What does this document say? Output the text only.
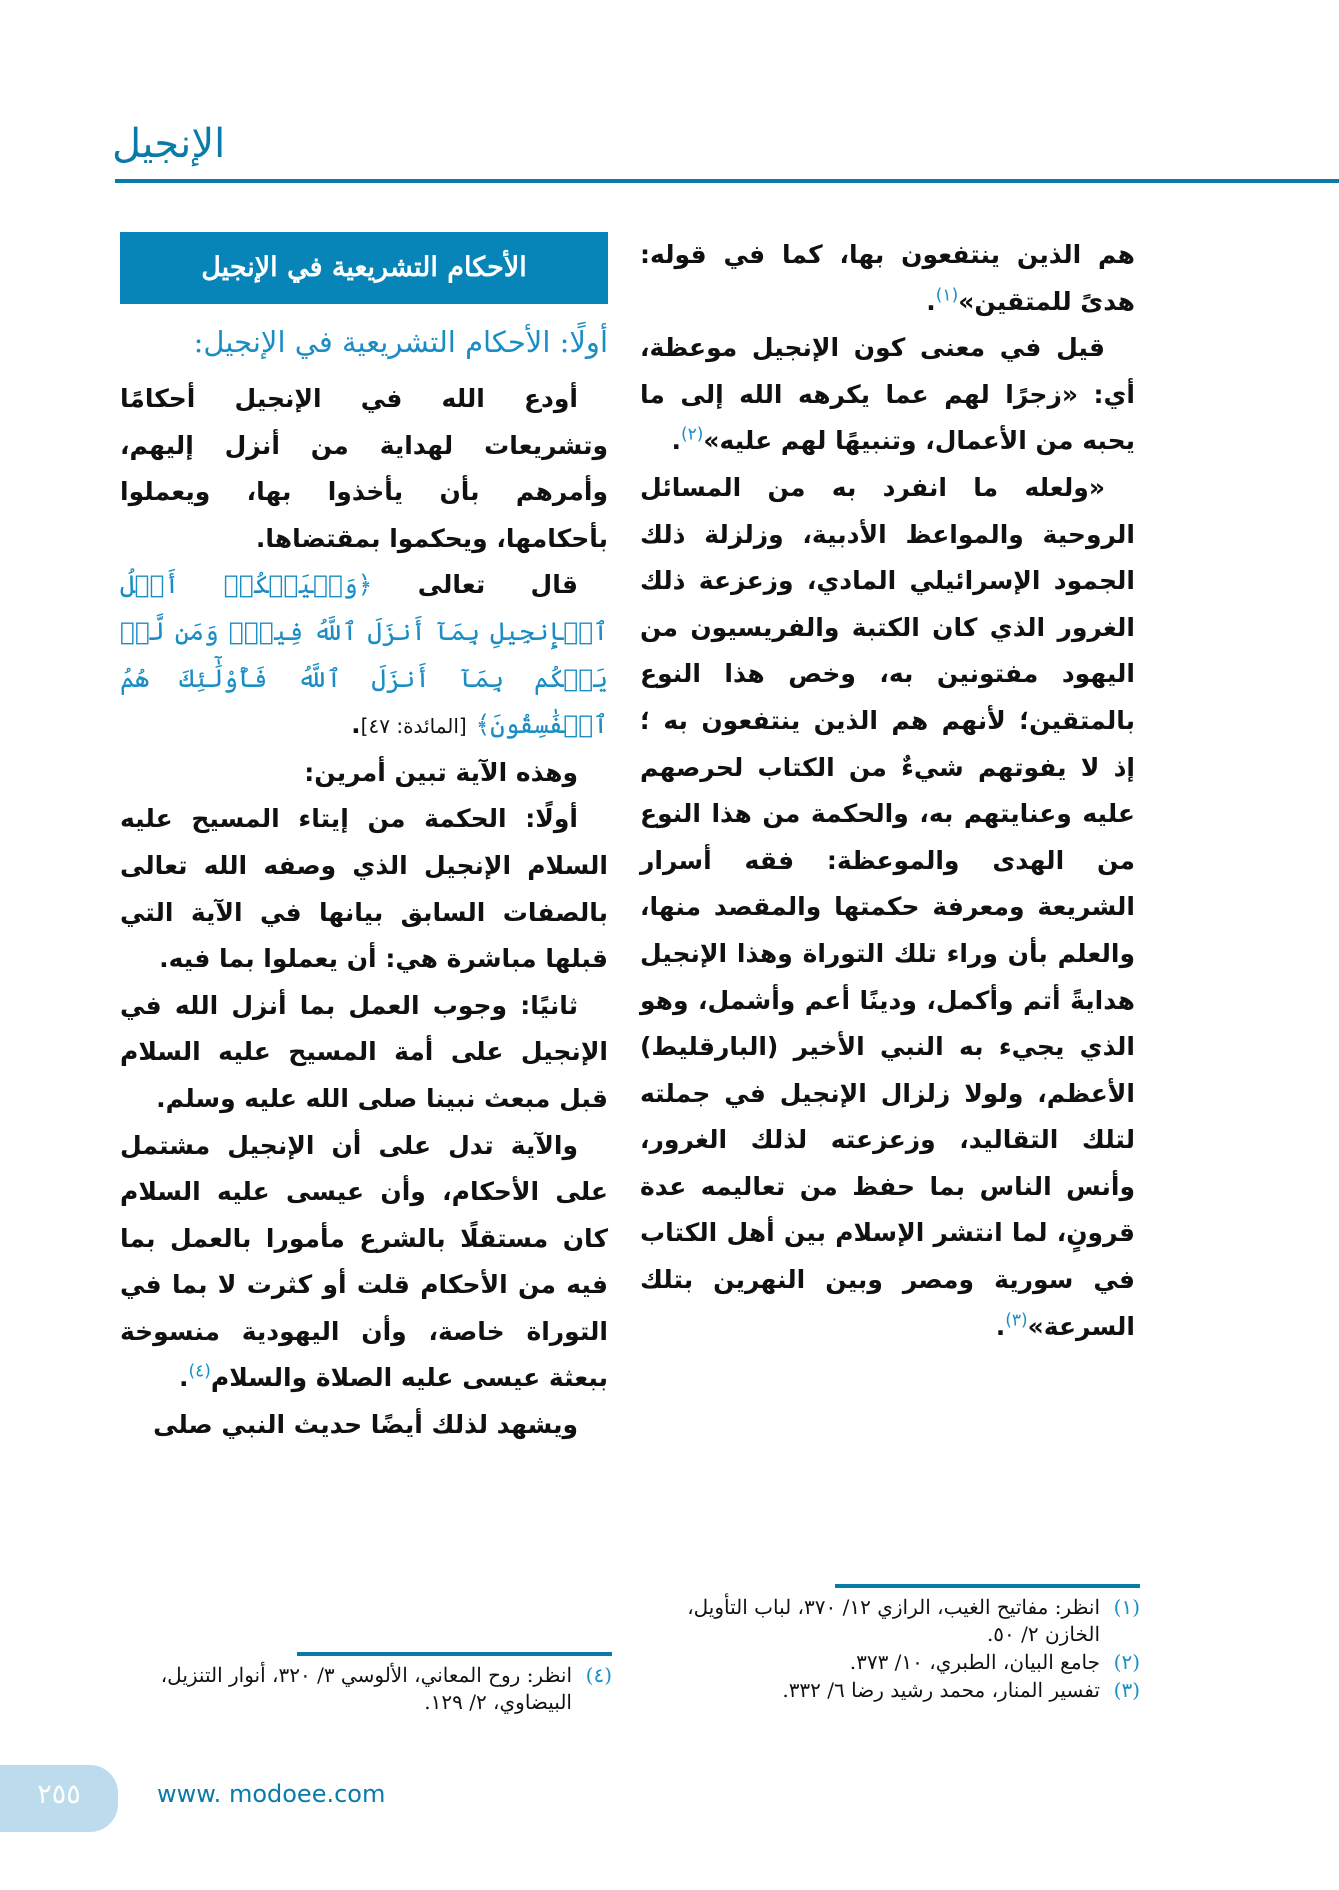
الإنجيل

هم الذين ينتفعون بها، كما في قوله: هدىً للمتقين»$^{(١)}$.

قيل في معنى كون الإنجيل موعظة، أي: «زجرًا لهم عما يكرهه الله إلى ما يحبه من الأعمال، وتنبيهًا لهم عليه»$^{(٢)}$.

«ولعله ما انفرد به من المسائل الروحية والمواعظ الأدبية، وزلزلة ذلك الجمود الإسرائيلي المادي، وزعزعة ذلك الغرور الذي كان الكتبة والفريسيون من اليهود مفتونين به، وخص هذا النوع بالمتقين؛ لأنهم هم الذين ينتفعون به ؛ إذ لا يفوتهم شيءٌ من الكتاب لحرصهم عليه وعنايتهم به، والحكمة من هذا النوع من الهدى والموعظة: فقه أسرار الشريعة ومعرفة حكمتها والمقصد منها، والعلم بأن وراء تلك التوراة وهذا الإنجيل هدايةً أتم وأكمل، ودينًا أعم وأشمل، وهو الذي يجيء به النبي الأخير (البارقليط) الأعظم، ولولا زلزال الإنجيل في جملته لتلك التقاليد، وزعزعته لذلك الغرور، وأنس الناس بما حفظ من تعاليمه عدة قرونٍ، لما انتشر الإسلام بين أهل الكتاب في سورية ومصر وبين النهرين بتلك السرعة»$^{(٣)}$.

(١)
انظر: مفاتيح الغيب، الرازي ١٢/ ٣٧٠، لباب التأويل، الخازن ٢/ ٥٠.
(٢)
جامع البيان، الطبري، ١٠/ ٣٧٣.
(٣)
تفسير المنار، محمد رشيد رضا ٦/ ٣٣٢.
الأحكام التشريعية في الإنجيل
أولًا: الأحكام التشريعية في الإنجيل:

أودع الله في الإنجيل أحكامًا وتشريعات لهداية من أنزل إليهم، وأمرهم بأن يأخذوا بها، ويعملوا بأحكامها، ويحكموا بمقتضاها.

قال تعالى ﴿وَلۡيَحۡكُمۡ أَهۡلُ ٱلۡإِنجِيلِ بِمَآ أَنزَلَ ٱللَّهُ فِيهِۚ وَمَن لَّمۡ يَحۡكُم بِمَآ أَنزَلَ ٱللَّهُ فَأُوْلَٰٓئِكَ هُمُ ٱلۡفَٰسِقُونَ﴾ [المائدة: ٤٧].

وهذه الآية تبين أمرين:

أولًا: الحكمة من إيتاء المسيح عليه السلام الإنجيل الذي وصفه الله تعالى بالصفات السابق بيانها في الآية التي قبلها مباشرة هي: أن يعملوا بما فيه.

ثانيًا: وجوب العمل بما أنزل الله في الإنجيل على أمة المسيح عليه السلام قبل مبعث نبينا صلى الله عليه وسلم.

والآية تدل على أن الإنجيل مشتمل على الأحكام، وأن عيسى عليه السلام كان مستقلًا بالشرع مأمورا بالعمل بما فيه من الأحكام قلت أو كثرت لا بما في التوراة خاصة، وأن اليهودية منسوخة ببعثة عيسى عليه الصلاة والسلام$^{(٤)}$.

ويشهد لذلك أيضًا حديث النبي صلى

(٤)
انظر: روح المعاني، الألوسي ٣/ ٣٢٠، أنوار التنزيل، البيضاوي، ٢/ ١٢٩.
٢٥٥	www. modoee.com
